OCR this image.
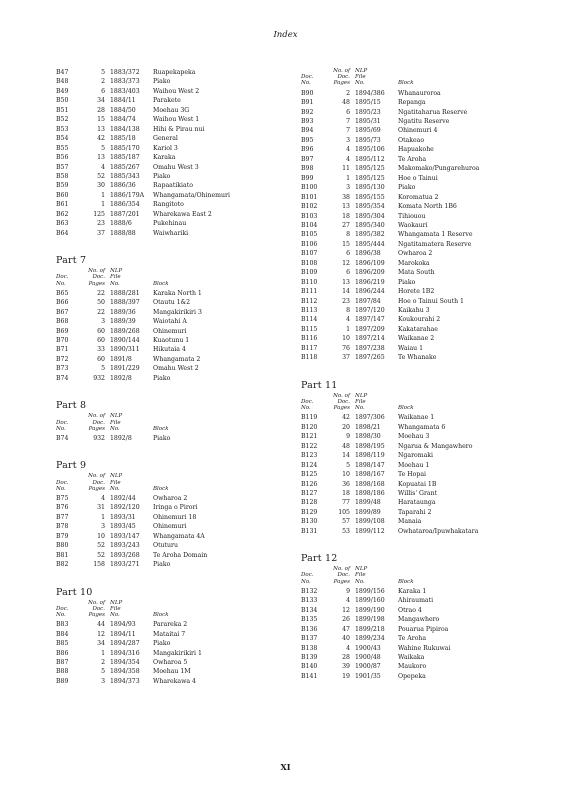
Index
B47	5 1883/372	Ruapekapeka
B48	2 1883/373	Piako
B49	6 1883/403	Waihou West 2
B50	34 1884/11	Parakete
B51	28 1884/50	Moehau 3G
B52	15 1884/74	Waihou West 1
B53	13 1884/138	Hihi & Pirau nui
B54	42 1885/18	General
B55	5 1885/170	Kariol 3
B56	13 1885/187	Karaka
B57	4 1885/267	Omahu West 3
B58	52 1885/343	Piako
B59	30 1886/36	Rapaatikiato
B60	1 1886/179A	Whangamata/Ohinemuri
B61	1 1886/354	Rangitoto
B62	125 1887/201	Wharekawa East 2
B63	23 1888/6	Pukehinau
B64	37 1888/88	Waiwhariki
Part 7
Doc.
No.
No. of
Doc.
Pages
NLP
File
No.	Block
B65	22 1888/281	Karaka North 1
B66	50 1888/397	Otautu 1&2
B67	22 1889/36	Mangakirikiri 3
B68	3 1889/39	Waiotahi A
B69	60 1889/268	Ohinemuri
B70	60 1890/144	Kuaotunu 1
B71	33 1890/311	Hikutaia 4
B72	60 1891/8	Whangamata 2
B73	5 1891/229	Omahu West 2
B74	932 1892/8	Piako
Part 8
Doc.
No.
No. of
Doc.
Pages
NLP
File
No.	Block
B74	932 1892/8	Piako
Part 9
Doc.
No.
No. of
Doc.
Pages
NLP
File
No.	Block
B75	4 1892/44	Owharoa 2
B76	31 1892/120	Iringa o Pirori
B77	1 1893/31	Ohinemuri 18
B78	3 1893/45	Ohinemuri
B79	10 1893/147	Whangamata 4A
B80	52 1893/243	Otuturu
B81	52 1893/268	Te Aroha Domain
B82	158 1893/271	Piako
Part 10
Doc.
No.
No. of
Doc.
Pages
NLP
File
No.	Block
B83	44 1894/93	Parareka 2
B84	12 1894/11	Mataitai 7
B85	34 1894/287	Piako
B86	1 1894/316	Mangakirikiri 1
B87	2 1894/354	Owharoa 5
B88	5 1894/358	Moehau 1M
B89	3 1894/373	Wharekawa 4
Doc.
No.
No. of
Doc.
Pages
NLP
File
No.	Block
B90	2 1894/386	Whanauroroa
B91	48 1895/15	Repanga
B92	6 1895/23	Ngatitaharua Reserve
B93	7 1895/31	Ngatitu Reserve
B94	7 1895/69	Ohinemuri 4
B95	3 1895/73	Otakeao
B96	4 1895/106	Hapuakohe
B97	4 1895/112	Te Aroha
B98	11 1895/125	Makomako/Pungarehuroa
B99	1 1895/125	Hoe o Tainui
B100	3 1895/130	Piako
B101	38 1895/155	Koromatua 2
B102	13 1895/354	Komata North 1B6
B103	18 1895/304	Tihiouou
B104	27 1895/340	Waokauri
B105	8 1895/382	Whangamata 1 Reserve
B106	15 1895/444	Ngatitamatera Reserve
B107	6 1896/38	Owharoa 2
B108	12 1896/109	Marokoka
B109	6 1896/209	Mata South
B110	13 1896/219	Piako
B111	14 1896/244	Horete 1B2
B112	23 1897/84	Hoe o Tainui South 1
B113	8 1897/120	Kaikahu 3
B114	4 1897/147	Koukourahi 2
B115	1 1897/209	Kakatarahae
B116	10 1897/214	Waikanae 2
B117	76 1897/238	Waiau 1
B118	37 1897/265	Te Whanake
Part 11
Doc.
No.
No. of
Doc.
Pages
NLP
File
No.	Block
B119	42 1897/306	Waikanae 1
B120	20 1898/21	Whangamata 6
B121	9 1898/30	Moehau 3
B122	48 1898/195	Ngarua & Mangawhero
B123	14 1898/119	Ngaromaki
B124	5 1898/147	Moehau 1
B125	10 1898/167	Te Hopai
B126	36 1898/168	Kopuatai 1B
B127	18 1898/186	Willis' Grant
B128	77 1899/48	Harataunga
B129	105 1899/89	Taparahi 2
B130	57 1899/108	Manaia
B131	53 1899/112	Owhataroa/Ipuwhakatara
Part 12
Doc.
No.
No. of
Doc.
Pages
NLP
File
No.	Block
B132	9 1899/156	Karaka 1
B133	4 1899/160	Ahiraumati
B134	12 1899/190	Otrao 4
B135	26 1899/198	Mangawhero
B136	47 1899/218	Pouarua Pipiroa
B137	40 1899/234	Te Aroha
B138	4 1900/43	Wahine Rukuwai
B139	28 1900/48	Waikaka
B140	39 1900/87	Maukoro
B141	19 1901/35	Opepeka
XI
